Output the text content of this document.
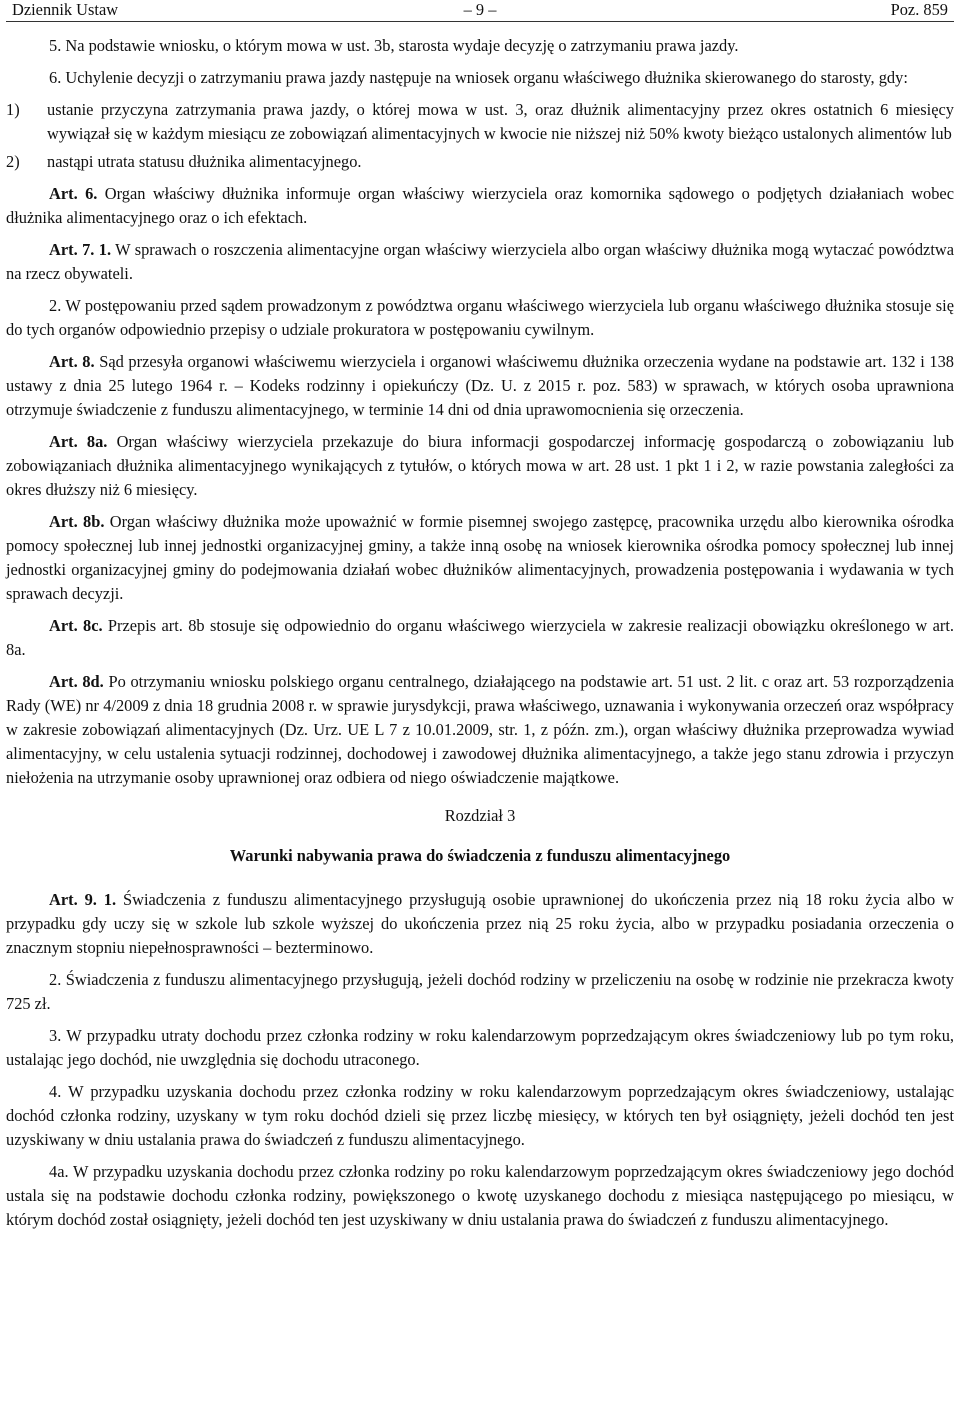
Dziennik Ustaw	– 9 –	Poz. 859

5. Na podstawie wniosku, o którym mowa w ust. 3b, starosta wydaje decyzję o zatrzymaniu prawa jazdy.

6. Uchylenie decyzji o zatrzymaniu prawa jazdy następuje na wniosek organu właściwego dłużnika skierowanego do starosty, gdy:

1) ustanie przyczyna zatrzymania prawa jazdy, o której mowa w ust. 3, oraz dłużnik alimentacyjny przez okres ostatnich 6 miesięcy wywiązał się w każdym miesiącu ze zobowiązań alimentacyjnych w kwocie nie niższej niż 50% kwoty bieżąco ustalonych alimentów lub

2) nastąpi utrata statusu dłużnika alimentacyjnego.

Art. 6. Organ właściwy dłużnika informuje organ właściwy wierzyciela oraz komornika sądowego o podjętych działaniach wobec dłużnika alimentacyjnego oraz o ich efektach.

Art. 7. 1. W sprawach o roszczenia alimentacyjne organ właściwy wierzyciela albo organ właściwy dłużnika mogą wytaczać powództwa na rzecz obywateli.

2. W postępowaniu przed sądem prowadzonym z powództwa organu właściwego wierzyciela lub organu właściwego dłużnika stosuje się do tych organów odpowiednio przepisy o udziale prokuratora w postępowaniu cywilnym.

Art. 8. Sąd przesyła organowi właściwemu wierzyciela i organowi właściwemu dłużnika orzeczenia wydane na podstawie art. 132 i 138 ustawy z dnia 25 lutego 1964 r. – Kodeks rodzinny i opiekuńczy (Dz. U. z 2015 r. poz. 583) w sprawach, w których osoba uprawniona otrzymuje świadczenie z funduszu alimentacyjnego, w terminie 14 dni od dnia uprawomocnienia się orzeczenia.

Art. 8a. Organ właściwy wierzyciela przekazuje do biura informacji gospodarczej informację gospodarczą o zobowiązaniu lub zobowiązaniach dłużnika alimentacyjnego wynikających z tytułów, o których mowa w art. 28 ust. 1 pkt 1 i 2, w razie powstania zaległości za okres dłuższy niż 6 miesięcy.

Art. 8b. Organ właściwy dłużnika może upoważnić w formie pisemnej swojego zastępcę, pracownika urzędu albo kierownika ośrodka pomocy społecznej lub innej jednostki organizacyjnej gminy, a także inną osobę na wniosek kierownika ośrodka pomocy społecznej lub innej jednostki organizacyjnej gminy do podejmowania działań wobec dłużników alimentacyjnych, prowadzenia postępowania i wydawania w tych sprawach decyzji.

Art. 8c. Przepis art. 8b stosuje się odpowiednio do organu właściwego wierzyciela w zakresie realizacji obowiązku określonego w art. 8a.

Art. 8d. Po otrzymaniu wniosku polskiego organu centralnego, działającego na podstawie art. 51 ust. 2 lit. c oraz art. 53 rozporządzenia Rady (WE) nr 4/2009 z dnia 18 grudnia 2008 r. w sprawie jurysdykcji, prawa właściwego, uznawania i wykonywania orzeczeń oraz współpracy w zakresie zobowiązań alimentacyjnych (Dz. Urz. UE L 7 z 10.01.2009, str. 1, z późn. zm.), organ właściwy dłużnika przeprowadza wywiad alimentacyjny, w celu ustalenia sytuacji rodzinnej, dochodowej i zawodowej dłużnika alimentacyjnego, a także jego stanu zdrowia i przyczyn niełożenia na utrzymanie osoby uprawnionej oraz odbiera od niego oświadczenie majątkowe.

Rozdział 3

Warunki nabywania prawa do świadczenia z funduszu alimentacyjnego

Art. 9. 1. Świadczenia z funduszu alimentacyjnego przysługują osobie uprawnionej do ukończenia przez nią 18 roku życia albo w przypadku gdy uczy się w szkole lub szkole wyższej do ukończenia przez nią 25 roku życia, albo w przypadku posiadania orzeczenia o znacznym stopniu niepełnosprawności – bezterminowo.

2. Świadczenia z funduszu alimentacyjnego przysługują, jeżeli dochód rodziny w przeliczeniu na osobę w rodzinie nie przekracza kwoty 725 zł.

3. W przypadku utraty dochodu przez członka rodziny w roku kalendarzowym poprzedzającym okres świadczeniowy lub po tym roku, ustalając jego dochód, nie uwzględnia się dochodu utraconego.

4. W przypadku uzyskania dochodu przez członka rodziny w roku kalendarzowym poprzedzającym okres świadczeniowy, ustalając dochód członka rodziny, uzyskany w tym roku dochód dzieli się przez liczbę miesięcy, w których ten był osiągnięty, jeżeli dochód ten jest uzyskiwany w dniu ustalania prawa do świadczeń z funduszu alimentacyjnego.

4a. W przypadku uzyskania dochodu przez członka rodziny po roku kalendarzowym poprzedzającym okres świadczeniowy jego dochód ustala się na podstawie dochodu członka rodziny, powiększonego o kwotę uzyskanego dochodu z miesiąca następującego po miesiącu, w którym dochód został osiągnięty, jeżeli dochód ten jest uzyskiwany w dniu ustalania prawa do świadczeń z funduszu alimentacyjnego.
